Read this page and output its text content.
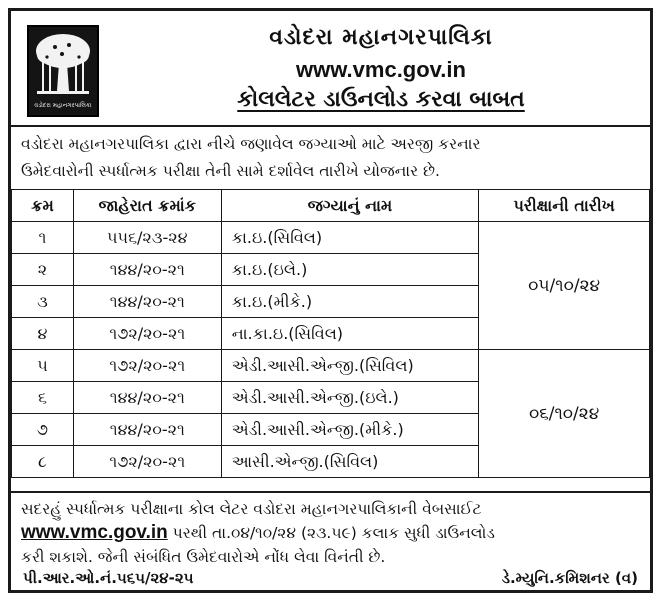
વડોદરા મહાનગરપાલિકા
વડોદરા મહાનગરપાલિકા
www.vmc.gov.in
કોલલેટર ડાઉનલોડ કરવા બાબત
વડોદરા મહાનગરપાલિકા દ્વારા નીચે જણાવેલ જગ્યાઓ માટે અરજી કરનાર
ઉમેદવારોની સ્પર્ધાત્મક પરીક્ષા તેની સામે દર્શાવેલ તારીખે યોજનાર છે.
ક્રમ	જાહેરાત ક્રમાંક	જગ્યાનું નામ	પરીક્ષાની તારીખ
૧	૫૫૬/૨૩-૨૪	કા.ઇ.(સિવિલ)	૦૫/૧૦/૨૪
૨	૧૪૪/૨૦-૨૧	કા.ઇ.(ઇલે.)	
૩	૧૪૪/૨૦-૨૧	કા.ઇ.(મીકે.)	
૪	૧૭૨/૨૦-૨૧	ના.કા.ઇ.(સિવિલ)	
૫	૧૭૨/૨૦-૨૧	એડી.આસી.એન્જી.(સિવિલ)	૦૬/૧૦/૨૪
૬	૧૪૪/૨૦-૨૧	એડી.આસી.એન્જી.(ઇલે.)	
૭	૧૪૪/૨૦-૨૧	એડી.આસી.એન્જી.(મીકે.)	
૮	૧૭૨/૨૦-૨૧	આસી.એન્જી.(સિવિલ)	
સદરહું સ્પર્ધાત્મક પરીક્ષાના કોલ લેટર વડોદરા મહાનગરપાલિકાની વેબસાઈટ
www.vmc.gov.in પરથી તા.૦૪/૧૦/૨૪ (૨૩.૫૯) કલાક સુધી ડાઉનલોડ
કરી શકાશે. જેની સંબંધિત ઉમેદવારોએ નોંધ લેવા વિનંતી છે.
પી.આર.ઓ.નં.૫૬૫/૨૪-૨૫	ડે.મ્યુનિ.કમિશનર (વ)
